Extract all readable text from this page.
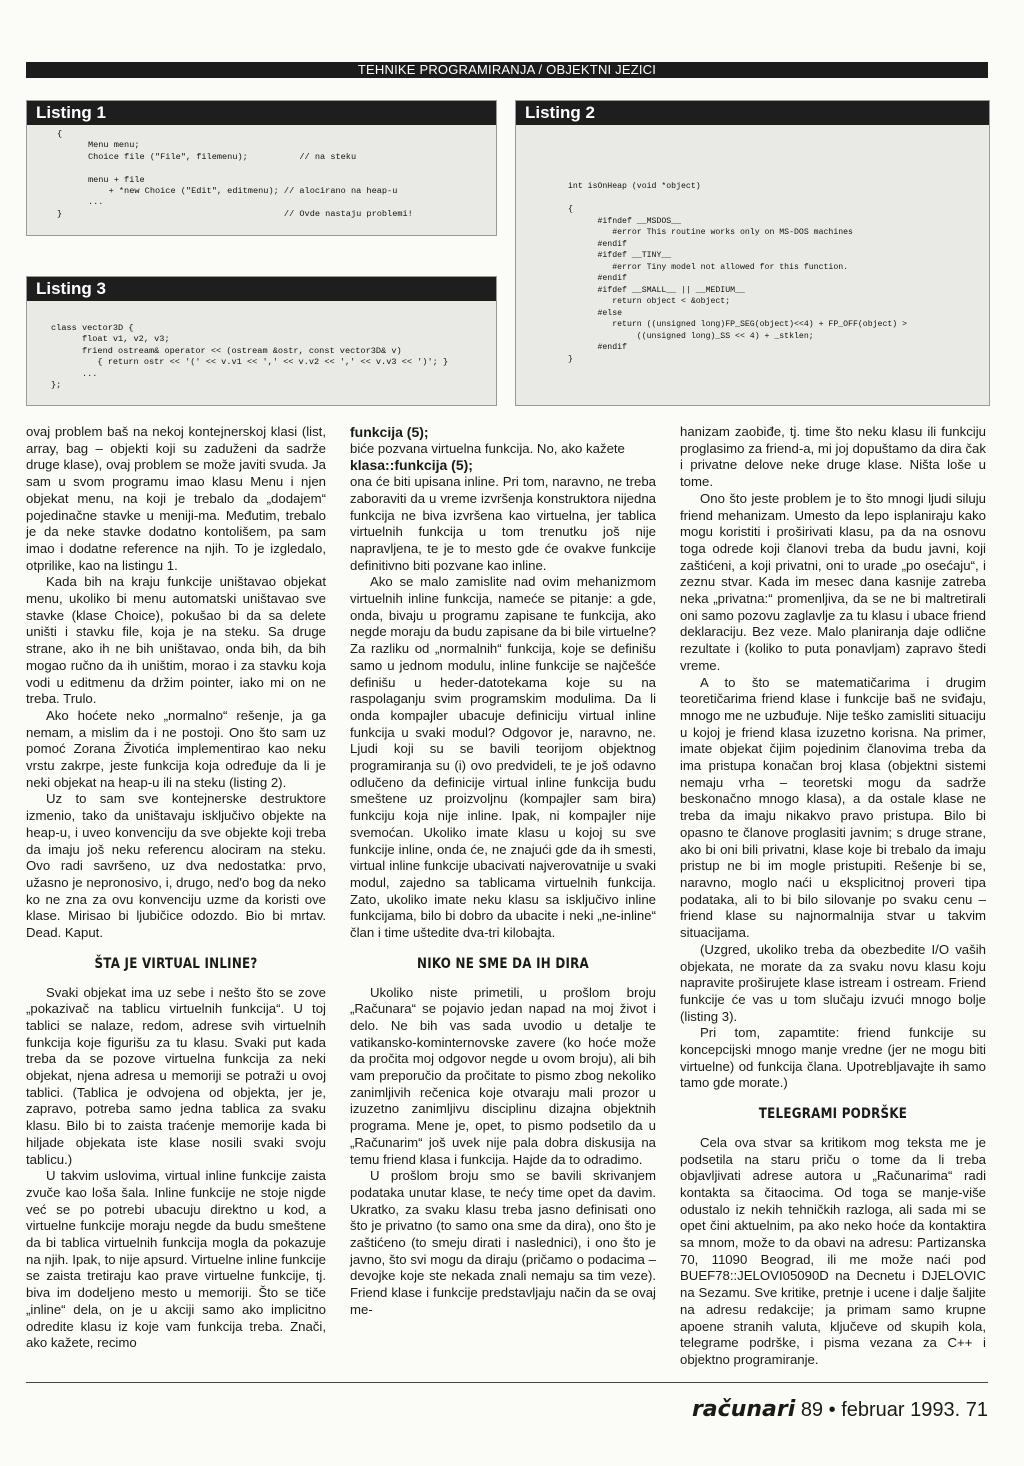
TEHNIKE PROGRAMIRANJA / OBJEKTNI JEZICI
Listing 1
{
Menu menu;
Choice file ("File", filemenu);          // na steku

menu + file
+ *new Choice ("Edit", editmenu); // alocirano na heap-u
...
}                                           // Ovde nastaju problemi!
Listing 3
class vector3D {
float v1, v2, v3;
friend ostream& operator << (ostream &ostr, const vector3D& v)
{ return ostr << '(' << v.v1 << ',' << v.v2 << ',' << v.v3 << ')'; }
...
};
Listing 2
int isOnHeap (void *object)

{
#ifndef __MSDOS__
#error This routine works only on MS-DOS machines
#endif
#ifdef __TINY__
#error Tiny model not allowed for this function.
#endif
#ifdef __SMALL__ || __MEDIUM__
return object < &object;
#else
return ((unsigned long)FP_SEG(object)<<4) + FP_OFF(object) >
((unsigned long)_SS << 4) + _stklen;
#endif
}

ovaj problem baš na nekoj kontejnerskoj klasi (list, array, bag – objekti koji su zaduženi da sadrže druge klase), ovaj problem se može javiti svuda. Ja sam u svom programu imao klasu Menu i njen objekat menu, na koji je trebalo da „dodajem“ pojedinačne stavke u meniji-ma. Međutim, trebalo je da neke stavke dodatno kontolišem, pa sam imao i dodatne reference na njih. To je izgledalo, otprilike, kao na listingu 1.

Kada bih na kraju funkcije uništavao objekat menu, ukoliko bi menu automatski uništavao sve stavke (klase Choice), pokušao bi da sa delete uništi i stavku file, koja je na steku. Sa druge strane, ako ih ne bih uništavao, onda bih, da bih mogao ručno da ih uništim, morao i za stavku koja vodi u editmenu da držim pointer, iako mi on ne treba. Trulo.

Ako hoćete neko „normalno“ rešenje, ja ga nemam, a mislim da i ne postoji. Ono što sam uz pomoć Zorana Životića implementirao kao neku vrstu zakrpe, jeste funkcija koja određuje da li je neki objekat na heap-u ili na steku (listing 2).

Uz to sam sve kontejnerske destruktore izmenio, tako da uništavaju isključivo objekte na heap-u, i uveo konvenciju da sve objekte koji treba da imaju još neku referencu alociram na steku. Ovo radi savršeno, uz dva nedostatka: prvo, užasno je nepronosivo, i, drugo, ned'o bog da neko ko ne zna za ovu konvenciju uzme da koristi ove klase. Mirisao bi ljubičice odozdo. Bio bi mrtav. Dead. Kaput.

ŠTA JE VIRTUAL INLINE?

Svaki objekat ima uz sebe i nešto što se zove „pokazivač na tablicu virtuelnih funkcija“. U toj tablici se nalaze, redom, adrese svih virtuelnih funkcija koje figurišu za tu klasu. Svaki put kada treba da se pozove virtuelna funkcija za neki objekat, njena adresa u memoriji se potraži u ovoj tablici. (Tablica je odvojena od objekta, jer je, zapravo, potreba samo jedna tablica za svaku klasu. Bilo bi to zaista traćenje memorije kada bi hiljade objekata iste klase nosili svaki svoju tablicu.)

U takvim uslovima, virtual inline funkcije zaista zvuče kao loša šala. Inline funkcije ne stoje nigde već se po potrebi ubacuju direktno u kod, a virtuelne funkcije moraju negde da budu smeštene da bi tablica virtuelnih funkcija mogla da pokazuje na njih. Ipak, to nije apsurd. Virtuelne inline funkcije se zaista tretiraju kao prave virtuelne funkcije, tj. biva im dodeljeno mesto u memoriji. Što se tiče „inline“ dela, on je u akciji samo ako implicitno odredite klasu iz koje vam funkcija treba. Znači, ako kažete, recimo

funkcija (5);

biće pozvana virtuelna funkcija. No, ako kažete

klasa::funkcija (5);

ona će biti upisana inline. Pri tom, naravno, ne treba zaboraviti da u vreme izvršenja konstruktora nijedna funkcija ne biva izvršena kao virtuelna, jer tablica virtuelnih funkcija u tom trenutku još nije napravljena, te je to mesto gde će ovakve funkcije definitivno biti pozvane kao inline.

Ako se malo zamislite nad ovim mehanizmom virtuelnih inline funkcija, namеće se pitanje: a gde, onda, bivaju u programu zapisane te funkcija, ako negde moraju da budu zapisane da bi bile virtuelne? Za razliku od „normalnih“ funkcija, koje se definišu samo u jednom modulu, inline funkcije se najčešće definišu u heder-datotekama koje su na raspolaganju svim programskim modulima. Da li onda kompajler ubacuje definiciju virtual inline funkcija u svaki modul? Odgovor je, naravno, ne. Ljudi koji su se bavili teorijom objektnog programiranja su (i) ovo predvideli, te je još odavno odlučeno da definicije virtual inline funkcija budu smeštene uz proizvoljnu (kompajler sam bira) funkciju koja nije inline. Ipak, ni kompajler nije svemoćan. Ukoliko imate klasu u kojoj su sve funkcije inline, onda će, ne znajući gde da ih smesti, virtual inline funkcije ubacivati najverovatnije u svaki modul, zajedno sa tablicama virtuelnih funkcija. Zato, ukoliko imate neku klasu sa isključivo inline funkcijama, bilo bi dobro da ubacite i neki „ne-inline“ član i time uštedite dva-tri kilobajta.

NIKO NE SME DA IH DIRA

Ukoliko niste primetili, u prošlom broju „Računara“ se pojavio jedan napad na moj život i delo. Ne bih vas sada uvodio u detalje te vatikansko-kominternovske zavere (ko hoće može da pročita moj odgovor negde u ovom broju), ali bih vam preporučio da pročitate to pismo zbog nekoliko zanimljivih rečenica koje otvaraju mali prozor u izuzetno zanimljivu disciplinu dizajna objektnih programa. Mene je, opet, to pismo podsetilo da u „Računarim“ još uvek nije pala dobra diskusija na temu friend klasa i funkcija. Hajde da to odradimo.

U prošlom broju smo se bavili skrivanjem podataka unutar klase, te nećy time opet da davim. Ukratko, za svaku klasu treba jasno definisati ono što je privatno (to samo ona sme da dira), ono što je zaštićeno (to smeju dirati i naslednici), i ono što je javno, što svi mogu da diraju (pričamo o podacima – devojke koje ste nekada znali nemaju sa tim veze). Friend klase i funkcije predstavljaju način da se ovaj me-

hanizam zaobiđe, tj. time što neku klasu ili funkciju proglasimo za friend-a, mi joj dopuštamo da dira čak i privatne delove neke druge klase. Ništa loše u tome.

Ono što jeste problem je to što mnogi ljudi siluju friend mehanizam. Umesto da lepo isplaniraju kako mogu koristiti i proširivati klasu, pa da na osnovu toga odrede koji članovi treba da budu javni, koji zaštićeni, a koji privatni, oni to urade „po osećaju“, i zeznu stvar. Kada im mesec dana kasnije zatreba neka „privatna:“ promenljiva, da se ne bi maltretirali oni samo pozovu zaglavlje za tu klasu i ubace friend deklaraciju. Bez veze. Malo planiranja daje odlične rezultate i (koliko to puta ponavljam) zaprаvo štedi vreme.

A to što se matematičarima i drugim teoretičarima friend klase i funkcije baš ne sviđaju, mnogo me ne uzbuđuje. Nije teško zamisliti situaciju u kojoj je friend klasa izuzetno korisna. Na primer, imate objekat čijim pojedinim članovima treba da ima pristupa konačan broj klasa (objektni sistemi nemaju vrha – teoretski mogu da sadrže beskonačno mnogo klasa), a da ostale klase ne treba da imaju nikakvo pravo pristupa. Bilo bi opasno te članove proglasiti javnim; s druge strane, ako bi oni bili privatni, klase koje bi trebalo da imaju pristup ne bi im mogle pristupiti. Rešenje bi se, naravno, moglo naći u eksplicitnoj proveri tipa podataka, ali to bi bilo silovanje po svaku cenu – friend klase su najnormalnija stvar u takvim situacijama.

(Uzgred, ukoliko treba da obezbedite I/O vaših objekata, ne morate da za svaku novu klasu koju napravite proširujete klase istream i ostream. Friend funkcije će vas u tom slučaju izvući mnogo bolje (listing 3).

Pri tom, zapamtite: friend funkcije su koncepcijski mnogo manje vredne (jer ne mogu biti virtuelne) od funkcija člana. Upotrebljavajte ih samo tamo gde morate.)

TELEGRAMI PODRŠKE

Cela ova stvar sa kritikom mog teksta me je podsetila na staru priču o tome da li treba objavljivati adrese autora u „Računarima“ radi kontakta sa čitaocima. Od toga se manje-više odustalo iz nekih tehničkih razloga, ali sada mi se opet čini aktuelnim, pa ako neko hoće da kontaktira sa mnom, može to da obavi na adresu: Partizanska 70, 11090 Beograd, ili me može naći pod BUEF78::JELOVI05090D na Decnetu i DJELOVIC na Sezamu. Sve kritike, pretnje i ucene i dalje šaljite na adresu redakcije; ja primam samo krupne apoene stranih valuta, ključeve od skupih kola, telegrame podrške, i pisma vezana za C++ i objektno programiranje.

računari 89 • februar 1993. 71
